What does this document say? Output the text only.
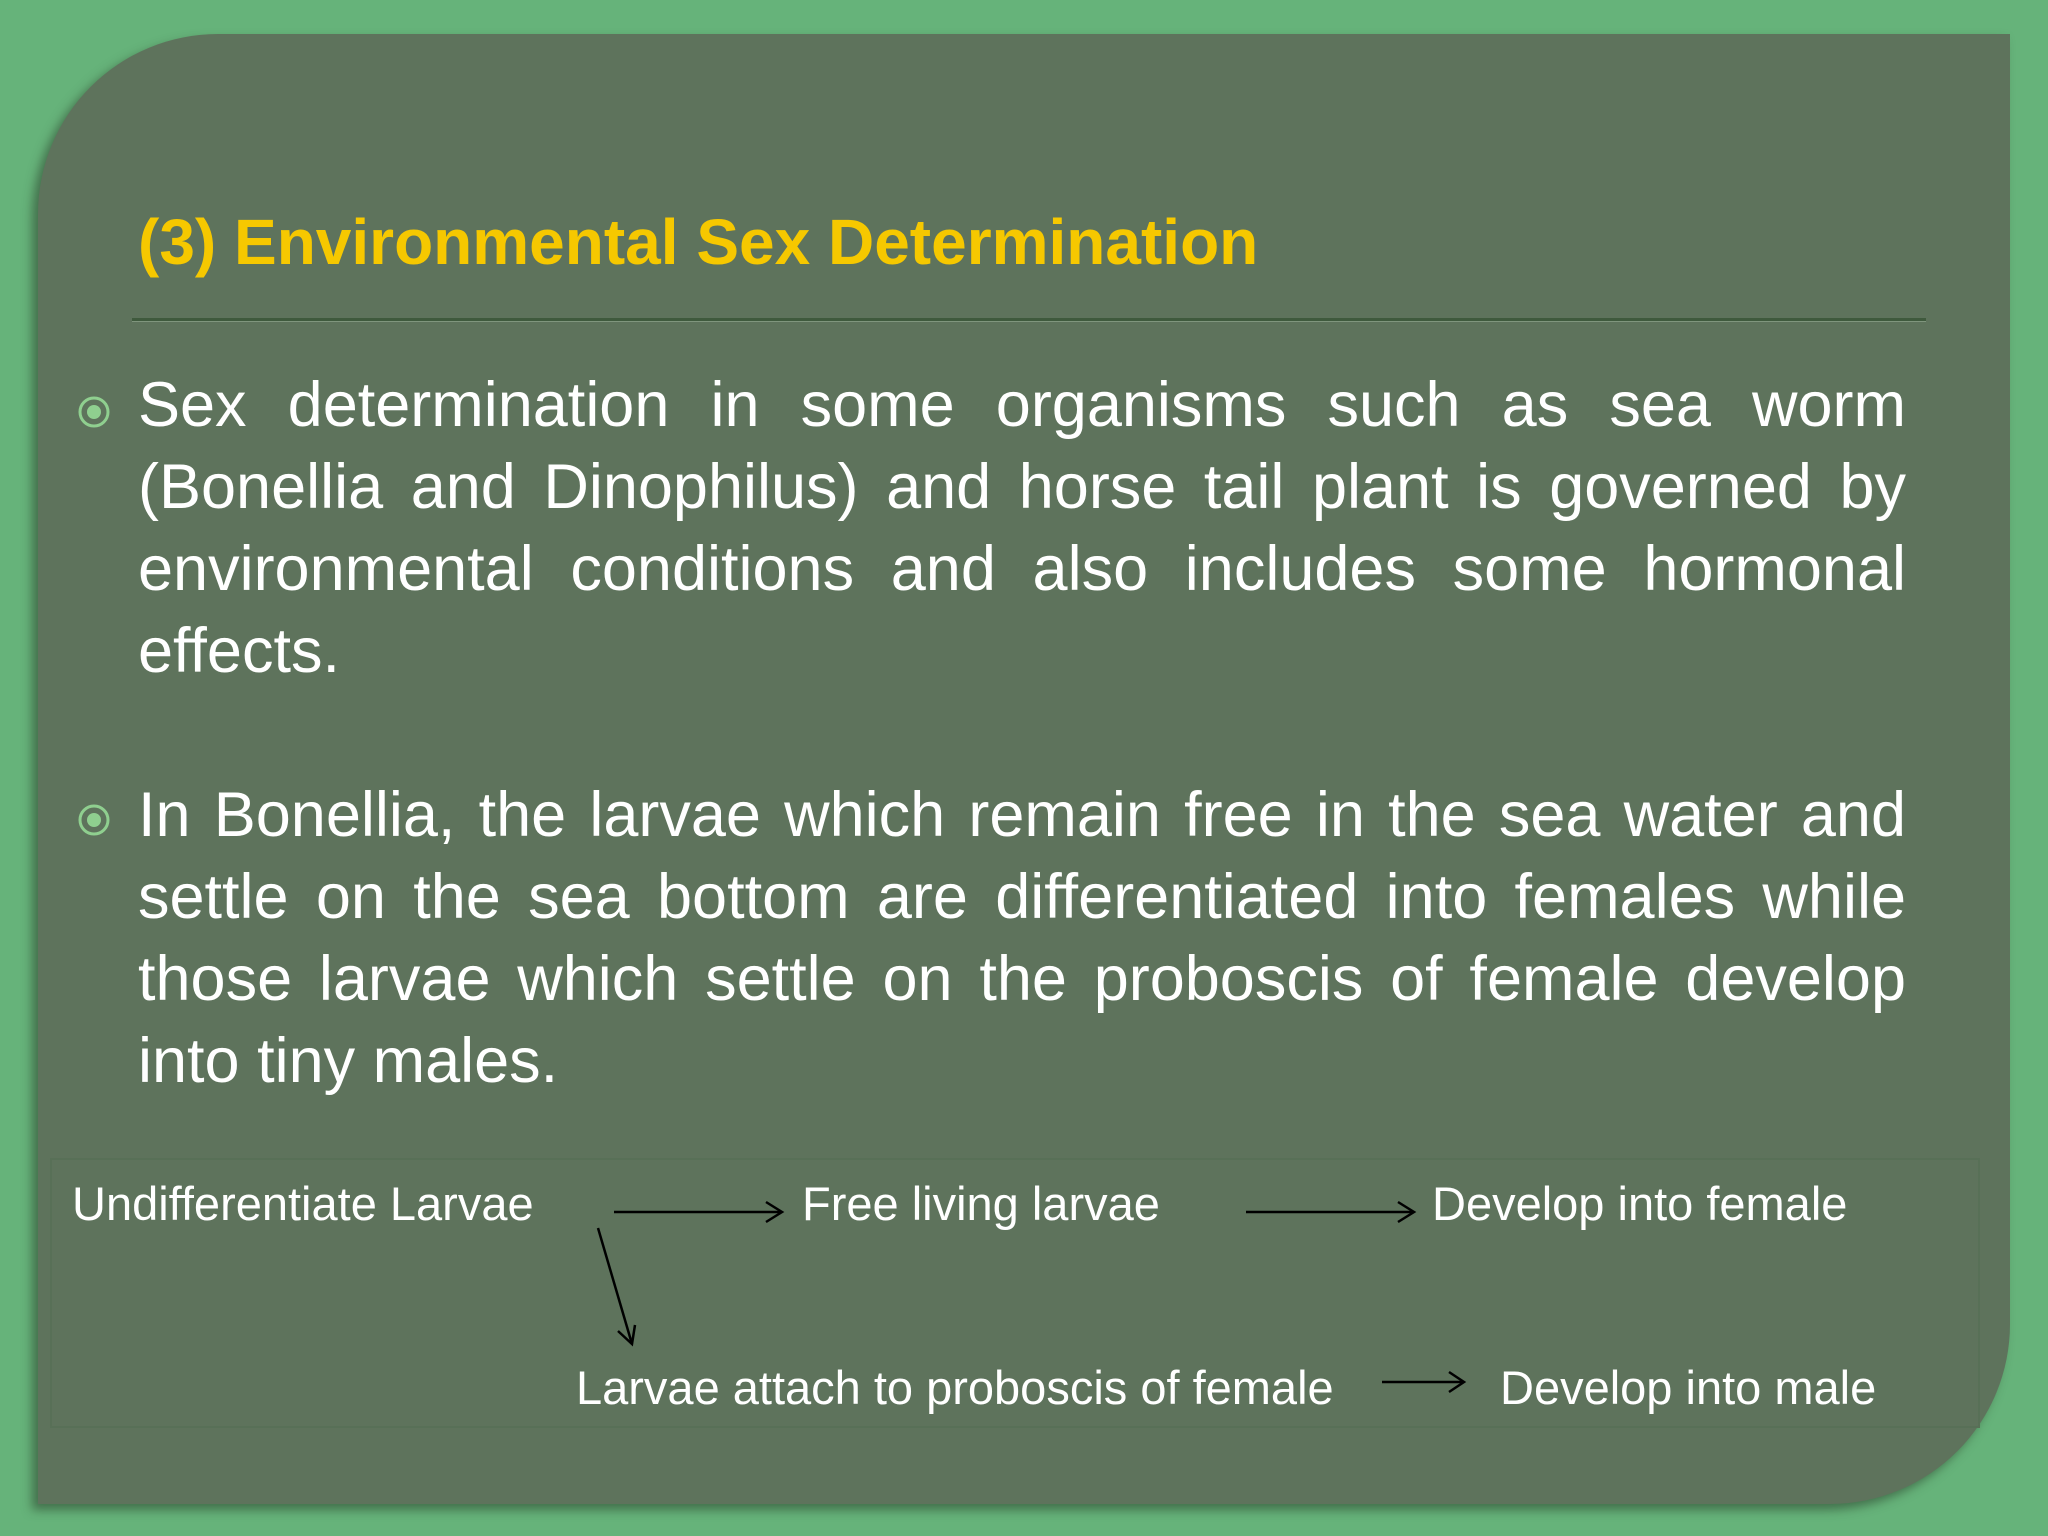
(3) Environmental Sex Determination

Sex determination in some organisms such as sea worm (Bonellia and Dinophilus) and horse tail plant is governed by environmental conditions and also includes some hormonal effects.

In Bonellia, the larvae which remain free in the sea water and settle on the sea bottom are differentiated into females while those larvae which settle on the proboscis of female develop into tiny males.

Undifferentiate Larvae	Free living larvae	Develop into female
Larvae attach to proboscis of female	Develop into male
